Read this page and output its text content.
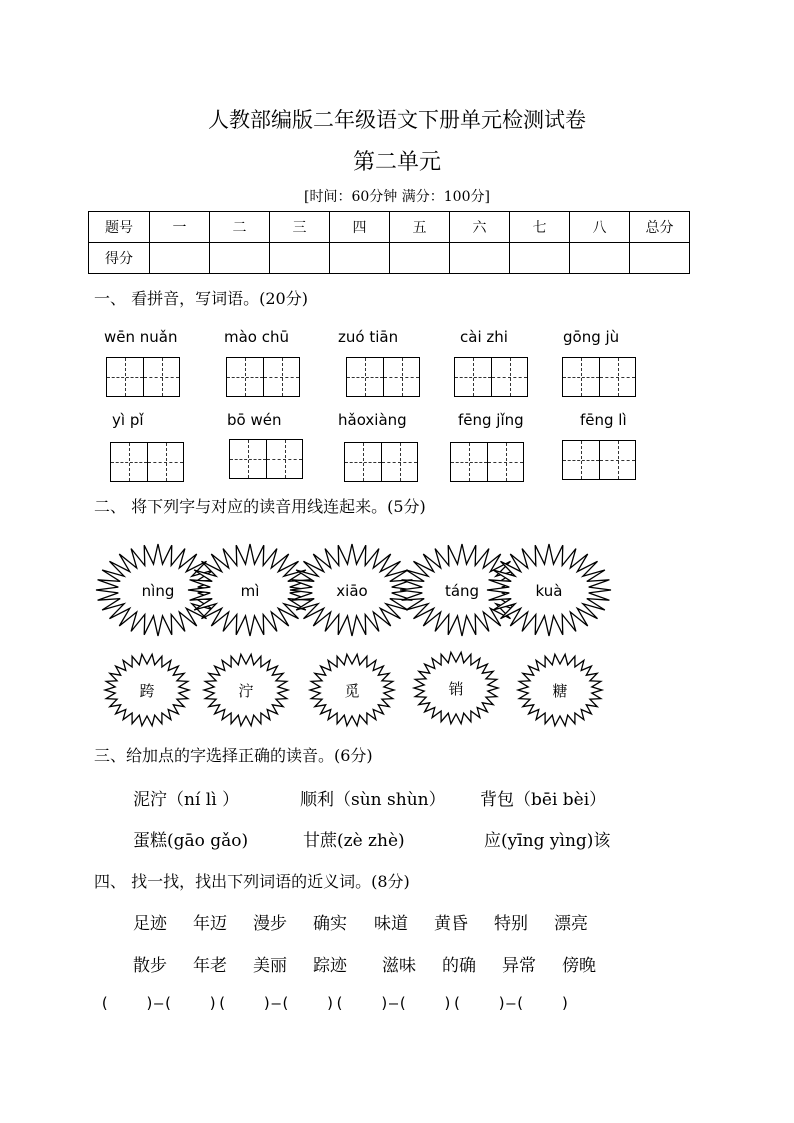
人教部编版二年级语文下册单元检测试卷
第二单元
[时间：60分钟 满分：100分]
题号	一	二	三	四	五	六	七	八	总分
得分									
一、 看拼音，写词语。(20分)
wēn nuǎn	mào chū	zuó tiān	cài zhi	gōng jù
yì pǐ	bō wén	hǎoxiàng	fēng jǐng	fēng lì
二、 将下列字与对应的读音用线连起来。(5分)
nìng	mì	xiāo	táng	kuà
跨	泞	觅	销	糖
三、给加点的字选择正确的读音。(6分)
泥泞（ní lì ）	顺利（sùn shùn） 背包（bēi bèi）
蛋糕(gāo gǎo)	甘蔗(zè zhè)	应(yīng yìng)该
四、 找一找，找出下列词语的近义词。(8分)
足迹 年迈 漫步 确实 味道 黄昏 特别 漂亮
散步 年老 美丽 踪迹 滋味 的确 异常 傍晚
(    )—(    )(    )—(    )(    )—(    )(    )—(    )
